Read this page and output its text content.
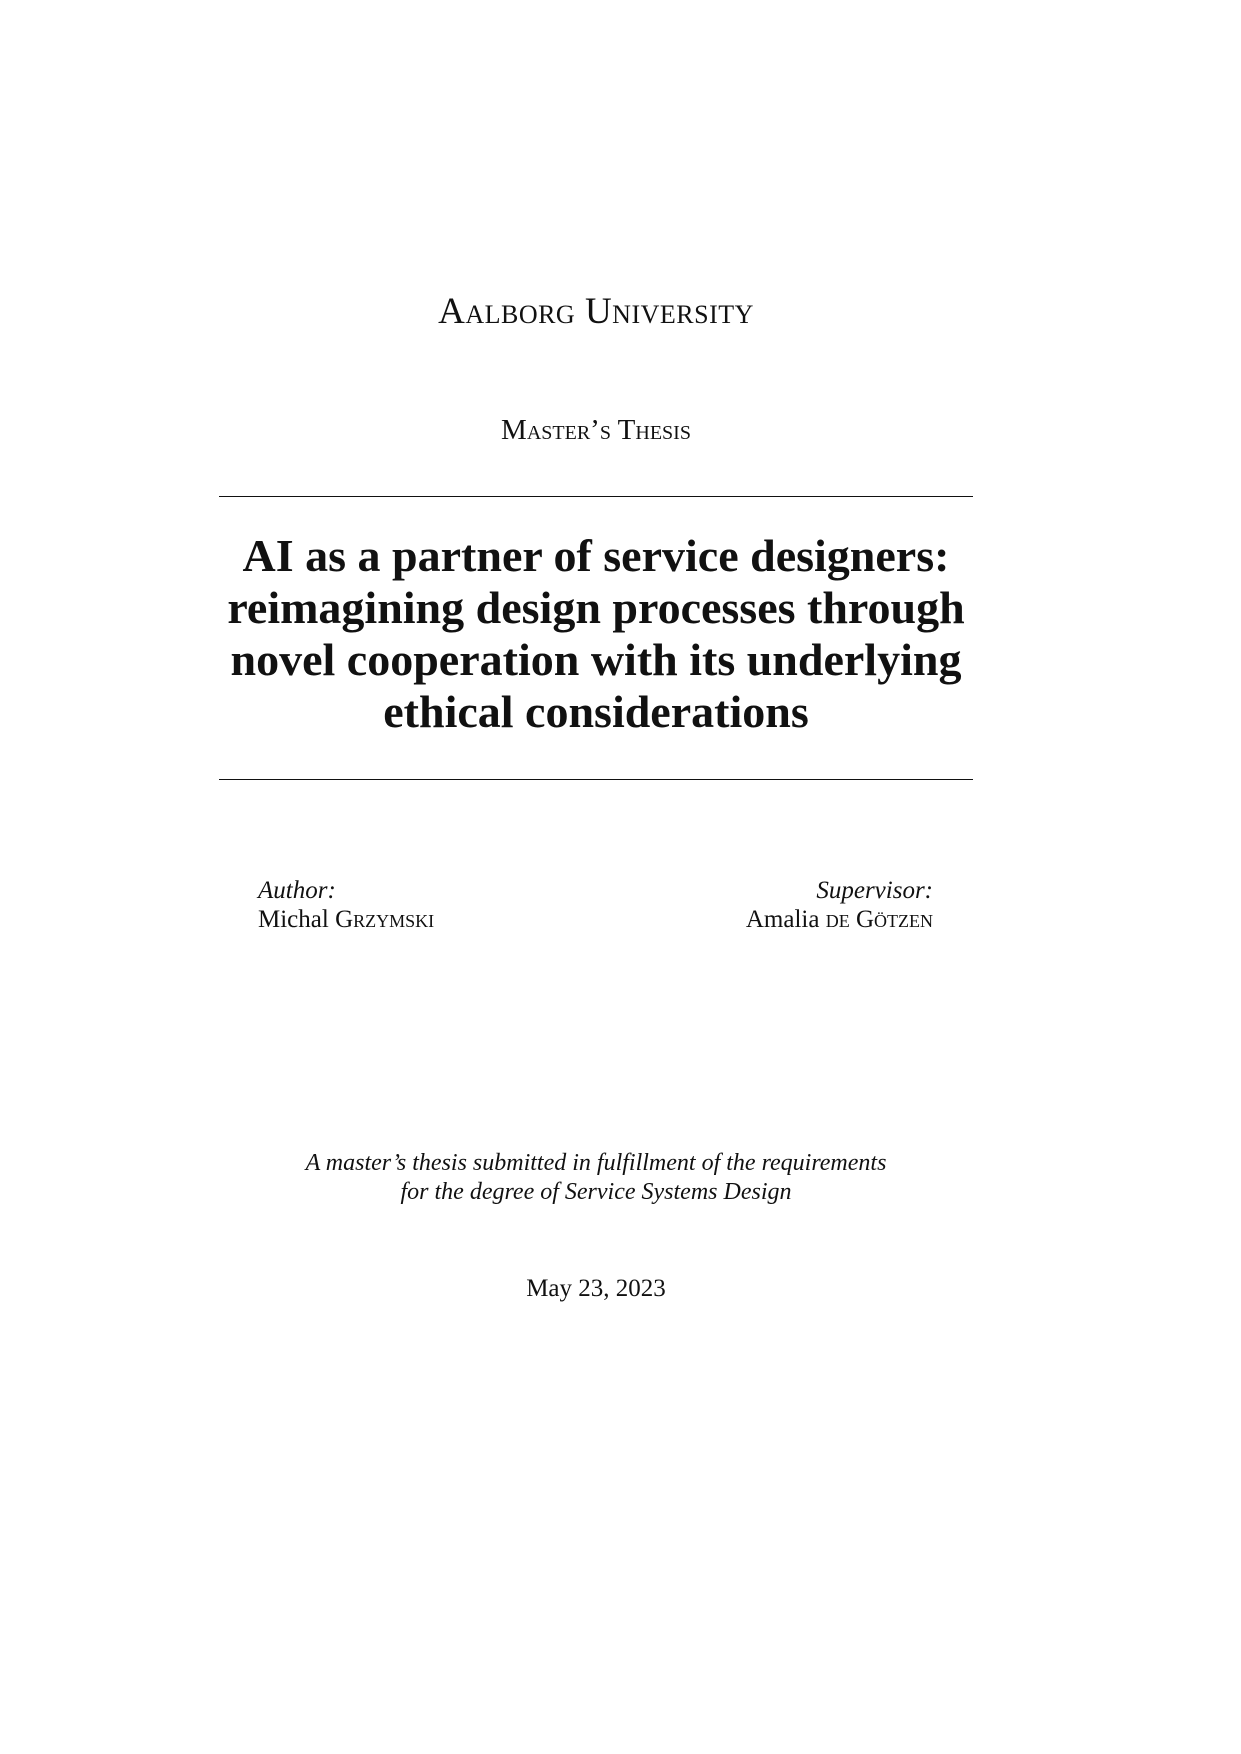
Aalborg University
Master’s Thesis
AI as a partner of service designers:
reimagining design processes through
novel cooperation with its underlying
ethical considerations
Author:
Michal Grzymski
Supervisor:
Amalia de Götzen
A master’s thesis submitted in fulfillment of the requirements
for the degree of Service Systems Design
May 23, 2023
